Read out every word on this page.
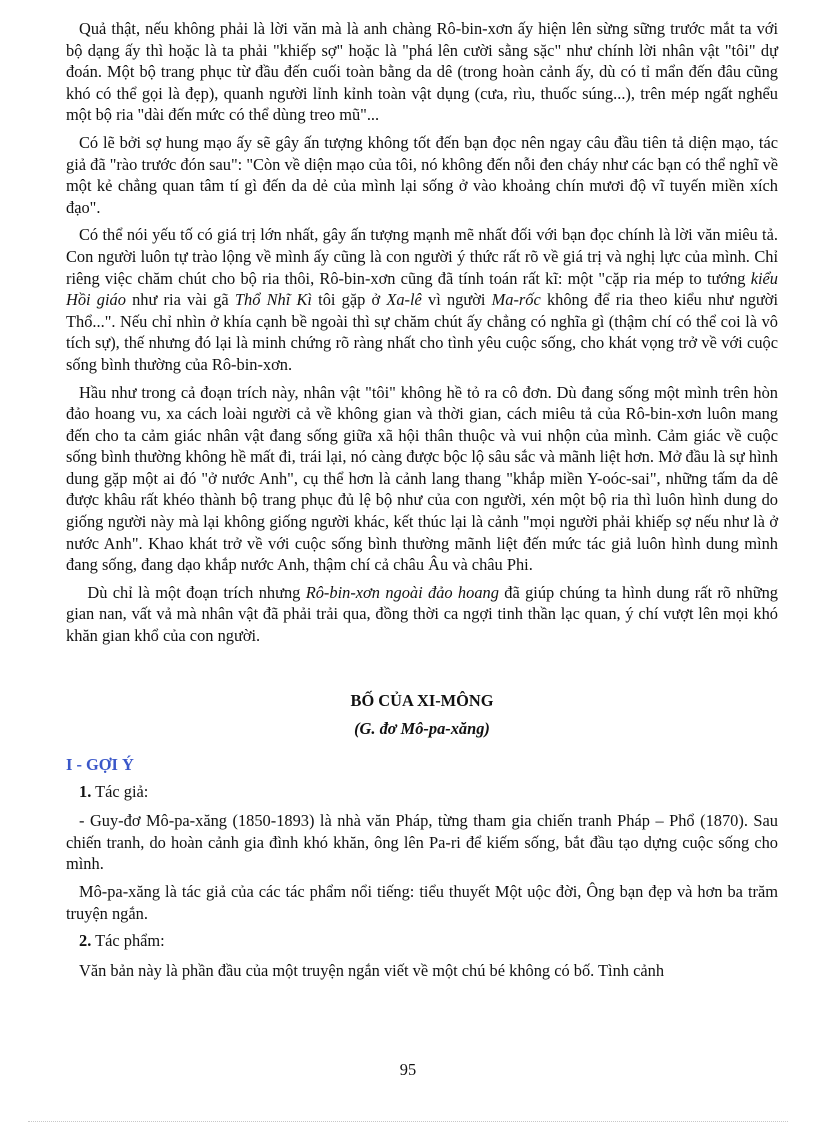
Quả thật, nếu không phải là lời văn mà là anh chàng Rô-bin-xơn ấy hiện lên sừng sững trước mắt ta với bộ dạng ấy thì hoặc là ta phải "khiếp sợ" hoặc là "phá lên cười sằng sặc" như chính lời nhân vật "tôi" dự đoán. Một bộ trang phục từ đầu đến cuối toàn bằng da dê (trong hoàn cảnh ấy, dù có tỉ mẩn đến đâu cũng khó có thể gọi là đẹp), quanh người lỉnh kỉnh toàn vật dụng (cưa, rìu, thuốc súng...), trên mép ngất nghểu một bộ ria "dài đến mức có thể dùng treo mũ"...

Có lẽ bởi sợ hung mạo ấy sẽ gây ấn tượng không tốt đến bạn đọc nên ngay câu đầu tiên tả diện mạo, tác giả đã "rào trước đón sau": "Còn về diện mạo của tôi, nó không đến nỗi đen cháy như các bạn có thể nghĩ về một kẻ chẳng quan tâm tí gì đến da dẻ của mình lại sống ở vào khoảng chín mươi độ vĩ tuyến miền xích đạo".

Có thể nói yếu tố có giá trị lớn nhất, gây ấn tượng mạnh mẽ nhất đối với bạn đọc chính là lời văn miêu tả. Con người luôn tự trào lộng về mình ấy cũng là con người ý thức rất rõ về giá trị và nghị lực của mình. Chỉ riêng việc chăm chút cho bộ ria thôi, Rô-bin-xơn cũng đã tính toán rất kĩ: một "cặp ria mép to tướng kiểu Hồi giáo như ria vài gã Thổ Nhĩ Kì tôi gặp ở Xa-lê vì người Ma-rốc không để ria theo kiểu như người Thổ...". Nếu chỉ nhìn ở khía cạnh bề ngoài thì sự chăm chút ấy chẳng có nghĩa gì (thậm chí có thể coi là vô tích sự), thế nhưng đó lại là minh chứng rõ ràng nhất cho tình yêu cuộc sống, cho khát vọng trở về với cuộc sống bình thường của Rô-bin-xơn.

Hầu như trong cả đoạn trích này, nhân vật "tôi" không hề tỏ ra cô đơn. Dù đang sống một mình trên hòn đảo hoang vu, xa cách loài người cả về không gian và thời gian, cách miêu tả của Rô-bin-xơn luôn mang đến cho ta cảm giác nhân vật đang sống giữa xã hội thân thuộc và vui nhộn của mình. Cảm giác về cuộc sống bình thường không hề mất đi, trái lại, nó càng được bộc lộ sâu sắc và mãnh liệt hơn. Mở đầu là sự hình dung gặp một ai đó "ở nước Anh", cụ thể hơn là cảnh lang thang "khắp miền Y-oóc-sai", những tấm da dê được khâu rất khéo thành bộ trang phục đủ lệ bộ như của con người, xén một bộ ria thì luôn hình dung do giống người này mà lại không giống người khác, kết thúc lại là cảnh "mọi người phải khiếp sợ nếu như là ở nước Anh". Khao khát trở về với cuộc sống bình thường mãnh liệt đến mức tác giả luôn hình dung mình đang sống, đang dạo khắp nước Anh, thậm chí cả châu Âu và châu Phi.

Dù chỉ là một đoạn trích nhưng Rô-bin-xơn ngoài đảo hoang đã giúp chúng ta hình dung rất rõ những gian nan, vất vả mà nhân vật đã phải trải qua, đồng thời ca ngợi tinh thần lạc quan, ý chí vượt lên mọi khó khăn gian khổ của con người.

BỐ CỦA XI-MÔNG
(G. đơ Mô-pa-xăng)
I - GỢI Ý

1. Tác giả:

- Guy-đơ Mô-pa-xăng (1850-1893) là nhà văn Pháp, từng tham gia chiến tranh Pháp – Phổ (1870). Sau chiến tranh, do hoàn cảnh gia đình khó khăn, ông lên Pa-ri để kiếm sống, bắt đầu tạo dựng cuộc sống cho mình.

Mô-pa-xăng là tác giả của các tác phẩm nổi tiếng: tiểu thuyết Một uộc đời, Ông bạn đẹp và hơn ba trăm truyện ngắn.

2. Tác phẩm:

Văn bản này là phần đầu của một truyện ngắn viết về một chú bé không có bố. Tình cảnh

95
